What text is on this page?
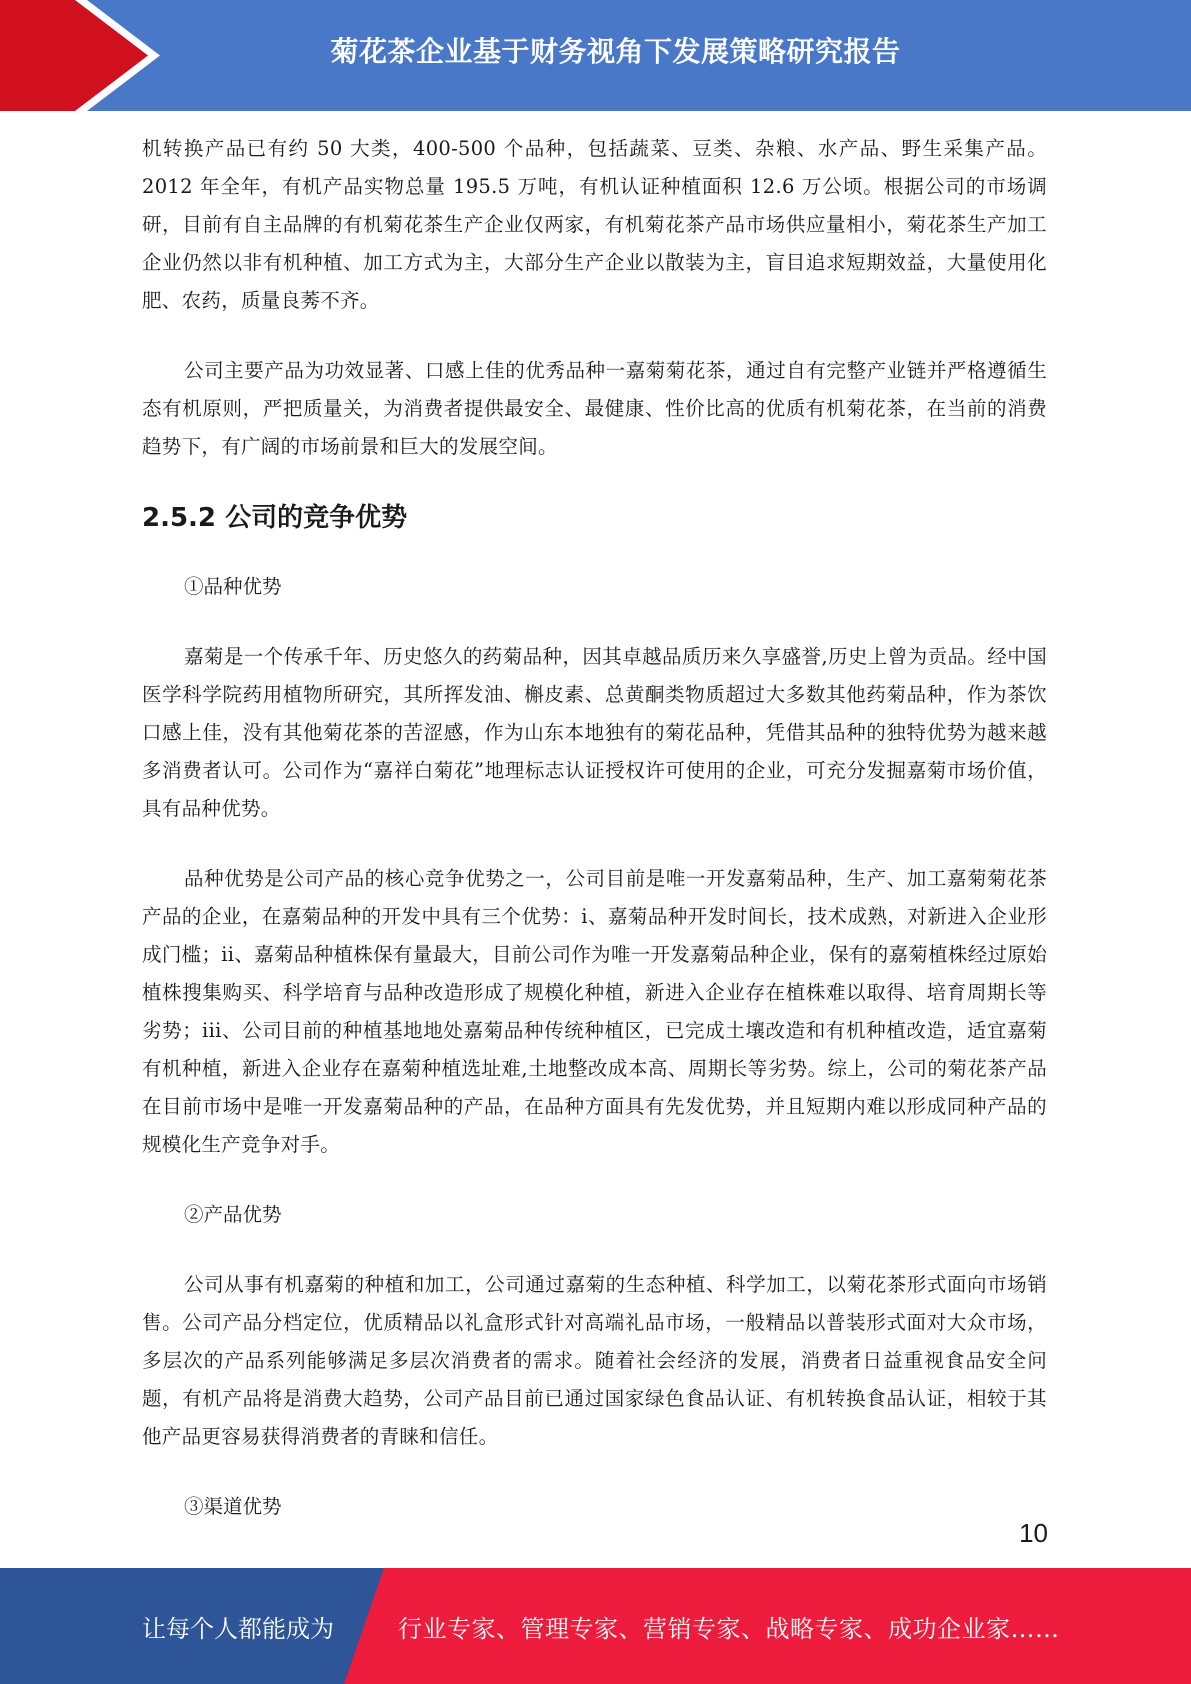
菊花茶企业基于财务视角下发展策略研究报告

机转换产品已有约 50 大类，400-500 个品种，包括蔬菜、豆类、杂粮、水产品、野生采集产品。2012 年全年，有机产品实物总量 195.5 万吨，有机认证种植面积 12.6 万公顷。根据公司的市场调研，目前有自主品牌的有机菊花茶生产企业仅两家，有机菊花茶产品市场供应量相小，菊花茶生产加工企业仍然以非有机种植、加工方式为主，大部分生产企业以散装为主，盲目追求短期效益，大量使用化肥、农药，质量良莠不齐。

公司主要产品为功效显著、口感上佳的优秀品种一嘉菊菊花茶，通过自有完整产业链并严格遵循生态有机原则，严把质量关，为消费者提供最安全、最健康、性价比高的优质有机菊花茶，在当前的消费趋势下，有广阔的市场前景和巨大的发展空间。

2.5.2 公司的竞争优势
①品种优势

嘉菊是一个传承千年、历史悠久的药菊品种，因其卓越品质历来久享盛誉,历史上曾为贡品。经中国医学科学院药用植物所研究，其所挥发油、槲皮素、总黄酮类物质超过大多数其他药菊品种，作为茶饮口感上佳，没有其他菊花茶的苦涩感，作为山东本地独有的菊花品种，凭借其品种的独特优势为越来越多消费者认可。公司作为“嘉祥白菊花”地理标志认证授权许可使用的企业，可充分发掘嘉菊市场价值，具有品种优势。

品种优势是公司产品的核心竞争优势之一，公司目前是唯一开发嘉菊品种，生产、加工嘉菊菊花茶产品的企业，在嘉菊品种的开发中具有三个优势：i、嘉菊品种开发时间长，技术成熟，对新进入企业形成门槛；ii、嘉菊品种植株保有量最大，目前公司作为唯一开发嘉菊品种企业，保有的嘉菊植株经过原始植株搜集购买、科学培育与品种改造形成了规模化种植，新进入企业存在植株难以取得、培育周期长等劣势；iii、公司目前的种植基地地处嘉菊品种传统种植区，已完成土壤改造和有机种植改造，适宜嘉菊有机种植，新进入企业存在嘉菊种植选址难,土地整改成本高、周期长等劣势。综上，公司的菊花茶产品在目前市场中是唯一开发嘉菊品种的产品，在品种方面具有先发优势，并且短期内难以形成同种产品的规模化生产竞争对手。

②产品优势

公司从事有机嘉菊的种植和加工，公司通过嘉菊的生态种植、科学加工，以菊花茶形式面向市场销售。公司产品分档定位，优质精品以礼盒形式针对高端礼品市场，一般精品以普装形式面对大众市场，多层次的产品系列能够满足多层次消费者的需求。随着社会经济的发展，消费者日益重视食品安全问题，有机产品将是消费大趋势，公司产品目前已通过国家绿色食品认证、有机转换食品认证，相较于其他产品更容易获得消费者的青睐和信任。

③渠道优势
10
让每个人都能成为	行业专家、管理专家、营销专家、战略专家、成功企业家……
